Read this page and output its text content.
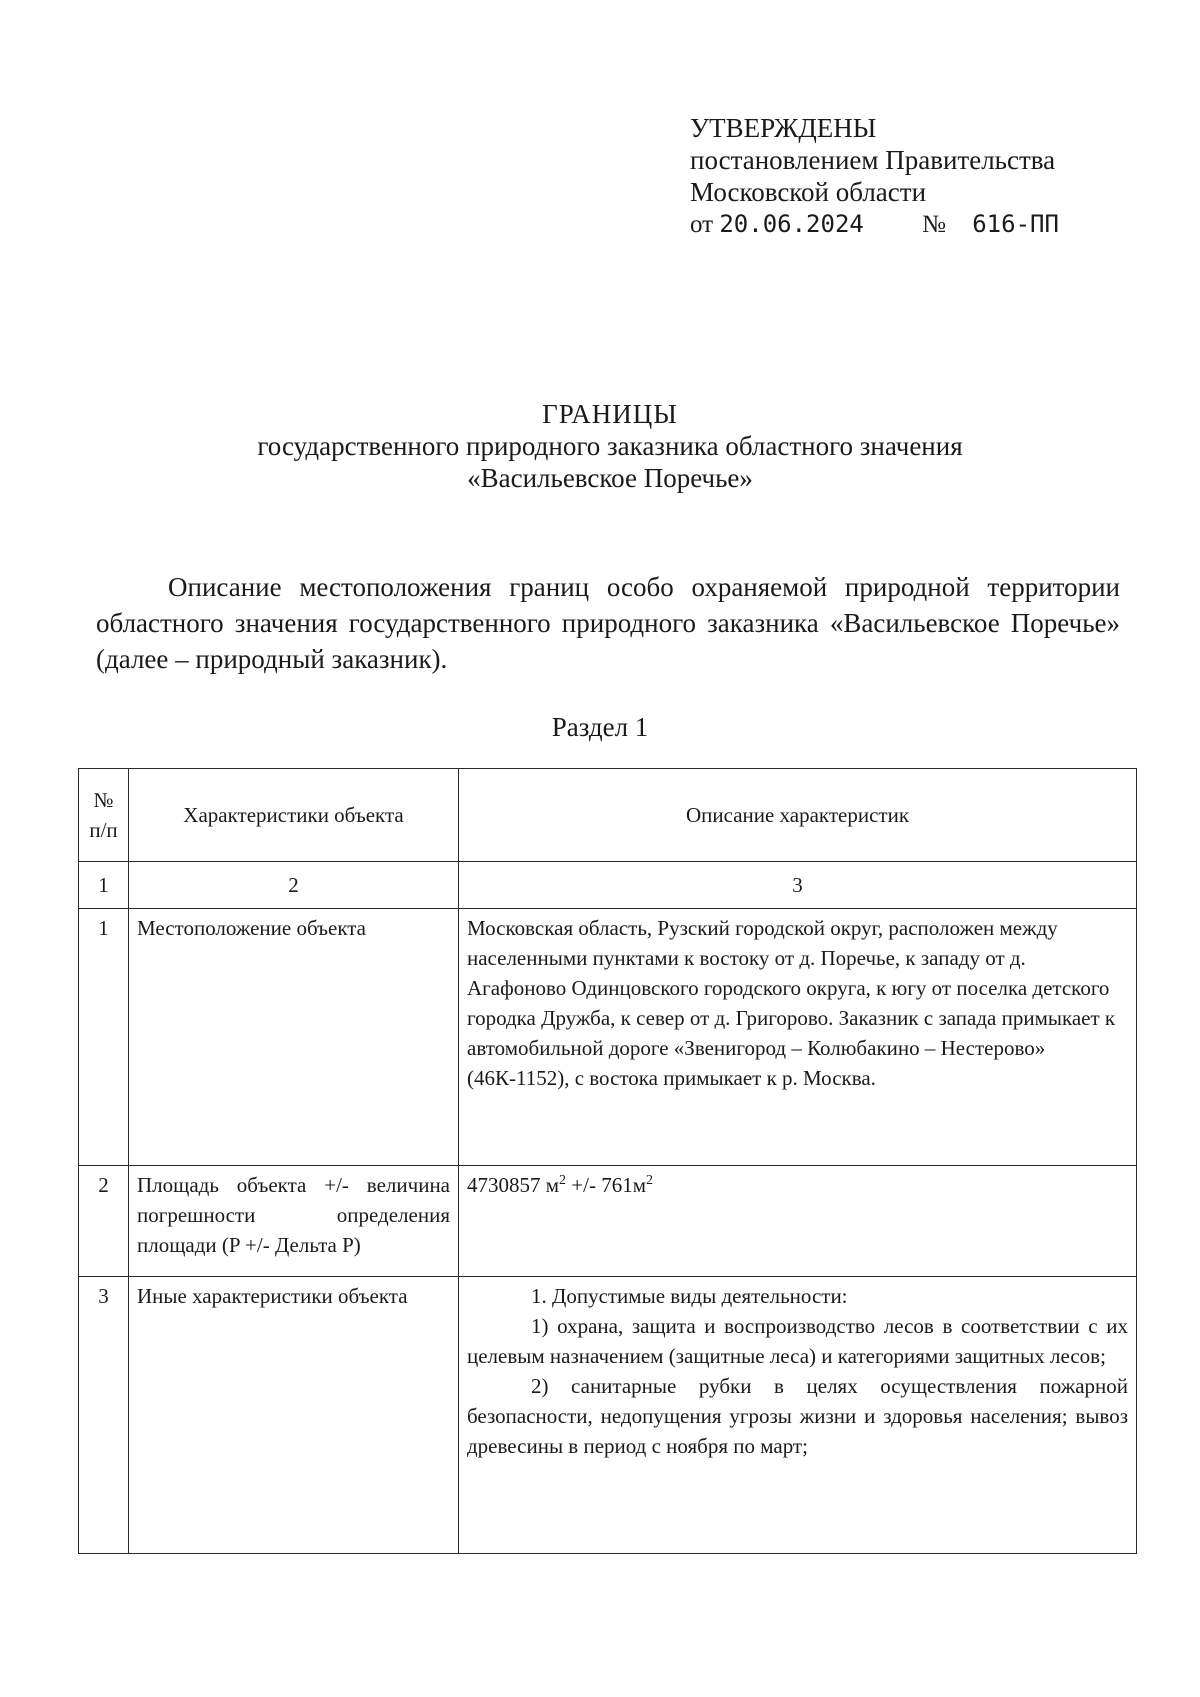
УТВЕРЖДЕНЫ
постановлением Правительства
Московской области
от 20.06.2024 № 616-ПП
ГРАНИЦЫ
государственного природного заказника областного значения
«Васильевское Поречье»
Описание местоположения границ особо охраняемой природной территории областного значения государственного природного заказника «Васильевское Поречье» (далее – природный заказник).
Раздел 1
№ п/п	Характеристики объекта	Описание характеристик
1	2	3
1	Местоположение объекта	Московская область, Рузский городской округ, расположен между населенными пунктами к востоку от д. Поречье, к западу от д. Агафоново Одинцовского городского округа, к югу от поселка детского городка Дружба, к север от д. Григорово. Заказник с запада примыкает к автомобильной дороге «Звенигород – Колюбакино – Нестерово» (46К-1152), с востока примыкает к р. Москва.
2	Площадь объекта +/- величина погрешности определения площади (P +/- Дельта P)	4730857 $м^2$ +/- $761м^2$
3	Иные характеристики объекта	1. Допустимые виды деятельности:
1) охрана, защита и воспроизводство лесов в соответствии с их целевым назначением (защитные леса) и категориями защитных лесов;
2) санитарные рубки в целях осуществления пожарной безопасности, недопущения угрозы жизни и здоровья населения; вывоз древесины в период с ноября по март;
